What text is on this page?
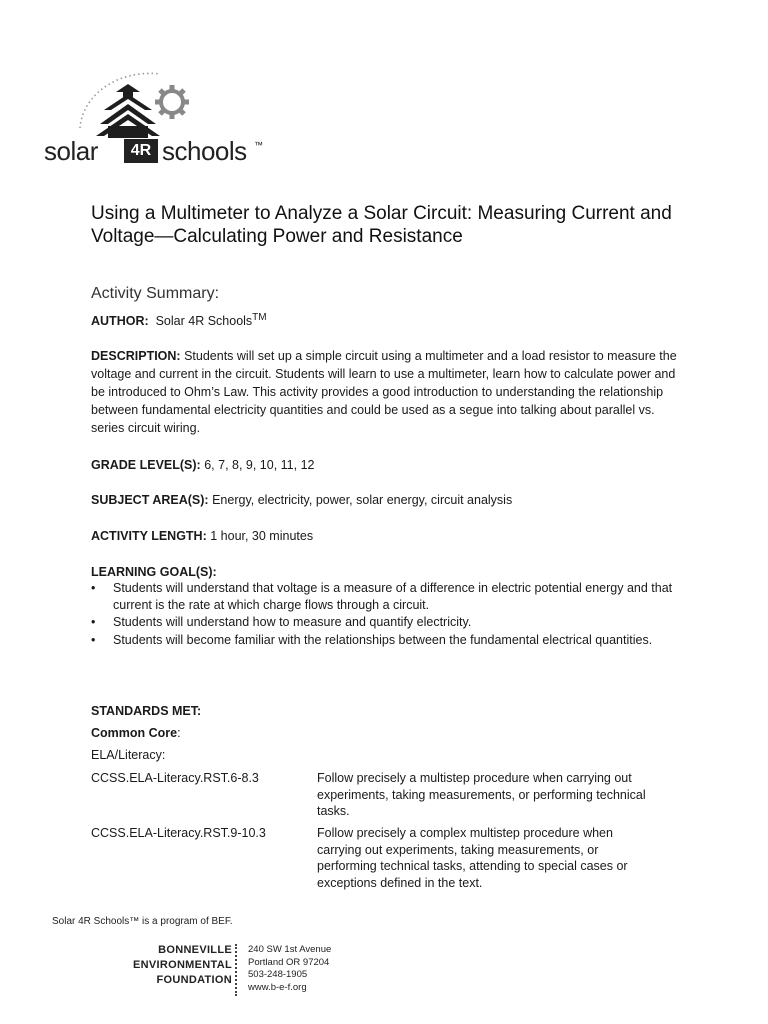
solar	4R schools ™
Using a Multimeter to Analyze a Solar Circuit: Measuring Current and Voltage—Calculating Power and Resistance
Activity Summary:
AUTHOR: Solar 4R Schools™
DESCRIPTION: Students will set up a simple circuit using a multimeter and a load resistor to measure the voltage and current in the circuit. Students will learn to use a multimeter, learn how to calculate power and be introduced to Ohm’s Law. This activity provides a good introduction to understanding the relationship between fundamental electricity quantities and could be used as a segue into talking about parallel vs. series circuit wiring.
GRADE LEVEL(S): 6, 7, 8, 9, 10, 11, 12
SUBJECT AREA(S): Energy, electricity, power, solar energy, circuit analysis
ACTIVITY LENGTH: 1 hour, 30 minutes
LEARNING GOAL(S):
• Students will understand that voltage is a measure of a difference in electric potential energy and that current is the rate at which charge flows through a circuit.
• Students will understand how to measure and quantify electricity.
• Students will become familiar with the relationships between the fundamental electrical quantities.
STANDARDS MET:
Common Core:
ELA/Literacy:
CCSS.ELA-Literacy.RST.6-8.3	Follow precisely a multistep procedure when carrying out experiments, taking measurements, or performing technical tasks.
CCSS.ELA-Literacy.RST.9-10.3	Follow precisely a complex multistep procedure when carrying out experiments, taking measurements, or performing technical tasks, attending to special cases or exceptions defined in the text.
Solar 4R Schools™ is a program of BEF.
BONNEVILLE
ENVIRONMENTAL
FOUNDATION
240 SW 1st Avenue
Portland OR 97204
503-248-1905
www.b-e-f.org
